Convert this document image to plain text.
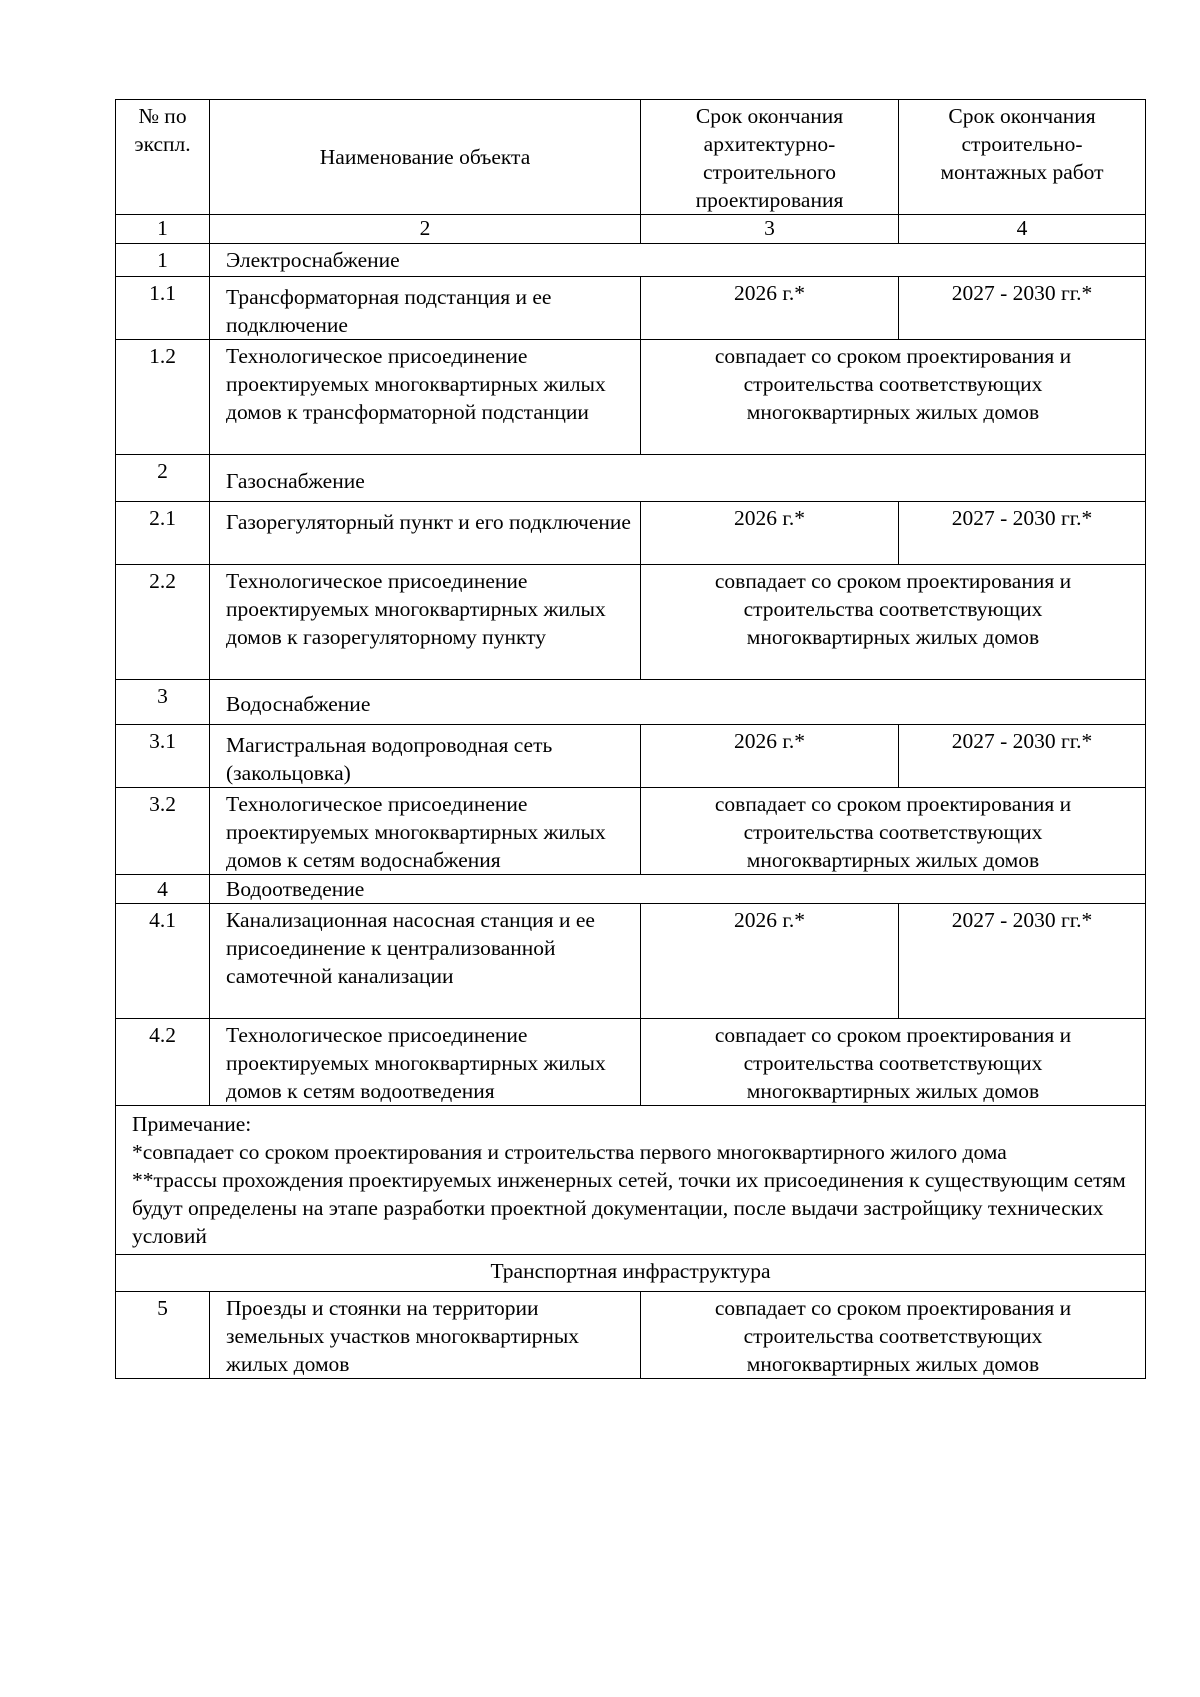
№ по экспл.	Наименование объекта	Срок окончания архитектурно-строительного проектирования	Срок окончания строительно-монтажных работ
1	2	3	4
1	Электроснабжение		
1.1	Трансформаторная подстанция и ее подключение	2026 г.*	2027 - 2030 гг.*
1.2	Технологическое присоединение проектируемых многоквартирных жилых домов к трансформаторной подстанции	совпадает со сроком проектирования и строительства соответствующих многоквартирных жилых домов	
2	Газоснабжение		
2.1	Газорегуляторный пункт и его подключение	2026 г.*	2027 - 2030 гг.*
2.2	Технологическое присоединение проектируемых многоквартирных жилых домов к газорегуляторному пункту	совпадает со сроком проектирования и строительства соответствующих многоквартирных жилых домов	
3	Водоснабжение		
3.1	Магистральная водопроводная сеть (закольцовка)	2026 г.*	2027 - 2030 гг.*
3.2	Технологическое присоединение проектируемых многоквартирных жилых домов к сетям водоснабжения	совпадает со сроком проектирования и строительства соответствующих многоквартирных жилых домов	
4	Водоотведение		
4.1	Канализационная насосная станция и ее присоединение к централизованной самотечной канализации	2026 г.*	2027 - 2030 гг.*
4.2	Технологическое присоединение проектируемых многоквартирных жилых домов к сетям водоотведения	совпадает со сроком проектирования и строительства соответствующих многоквартирных жилых домов	

Примечание:
*совпадает со сроком проектирования и строительства первого многоквартирного жилого дома
**трассы прохождения проектируемых инженерных сетей, точки их присоединения к существующим сетям будут определены на этапе разработки проектной документации, после выдачи застройщику технических условий			

Транспортная инфраструктура			
5	Проезды и стоянки на территории земельных участков многоквартирных жилых домов	совпадает со сроком проектирования и строительства соответствующих многоквартирных жилых домов	
